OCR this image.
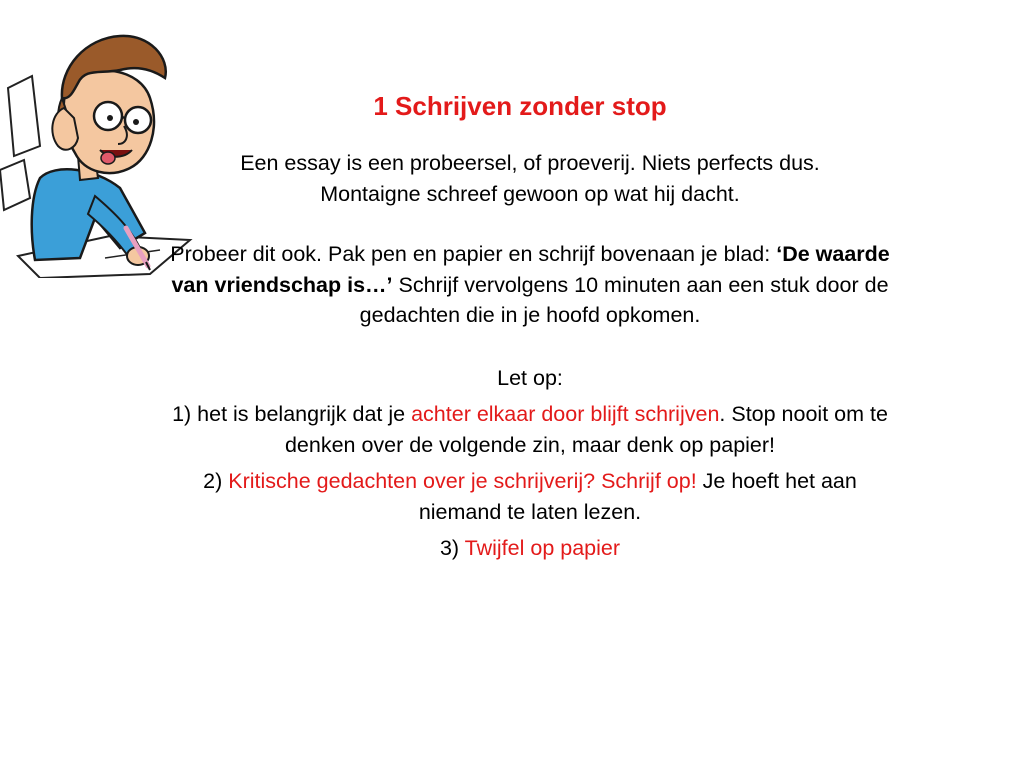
1 Schrijven zonder stop

Een essay is een probeersel, of proeverij. Niets perfects dus.
Montaigne schreef gewoon op wat hij dacht.

Probeer dit ook. Pak pen en papier en schrijf bovenaan je blad: ‘De waarde van vriendschap is…’ Schrijf vervolgens 10 minuten aan een stuk door de gedachten die in je hoofd opkomen.

Let op:

1) het is belangrijk dat je achter elkaar door blijft schrijven. Stop nooit om te denken over de volgende zin, maar denk op papier!

2) Kritische gedachten over je schrijverij? Schrijf op! Je hoeft het aan niemand te laten lezen.

3) Twijfel op papier
